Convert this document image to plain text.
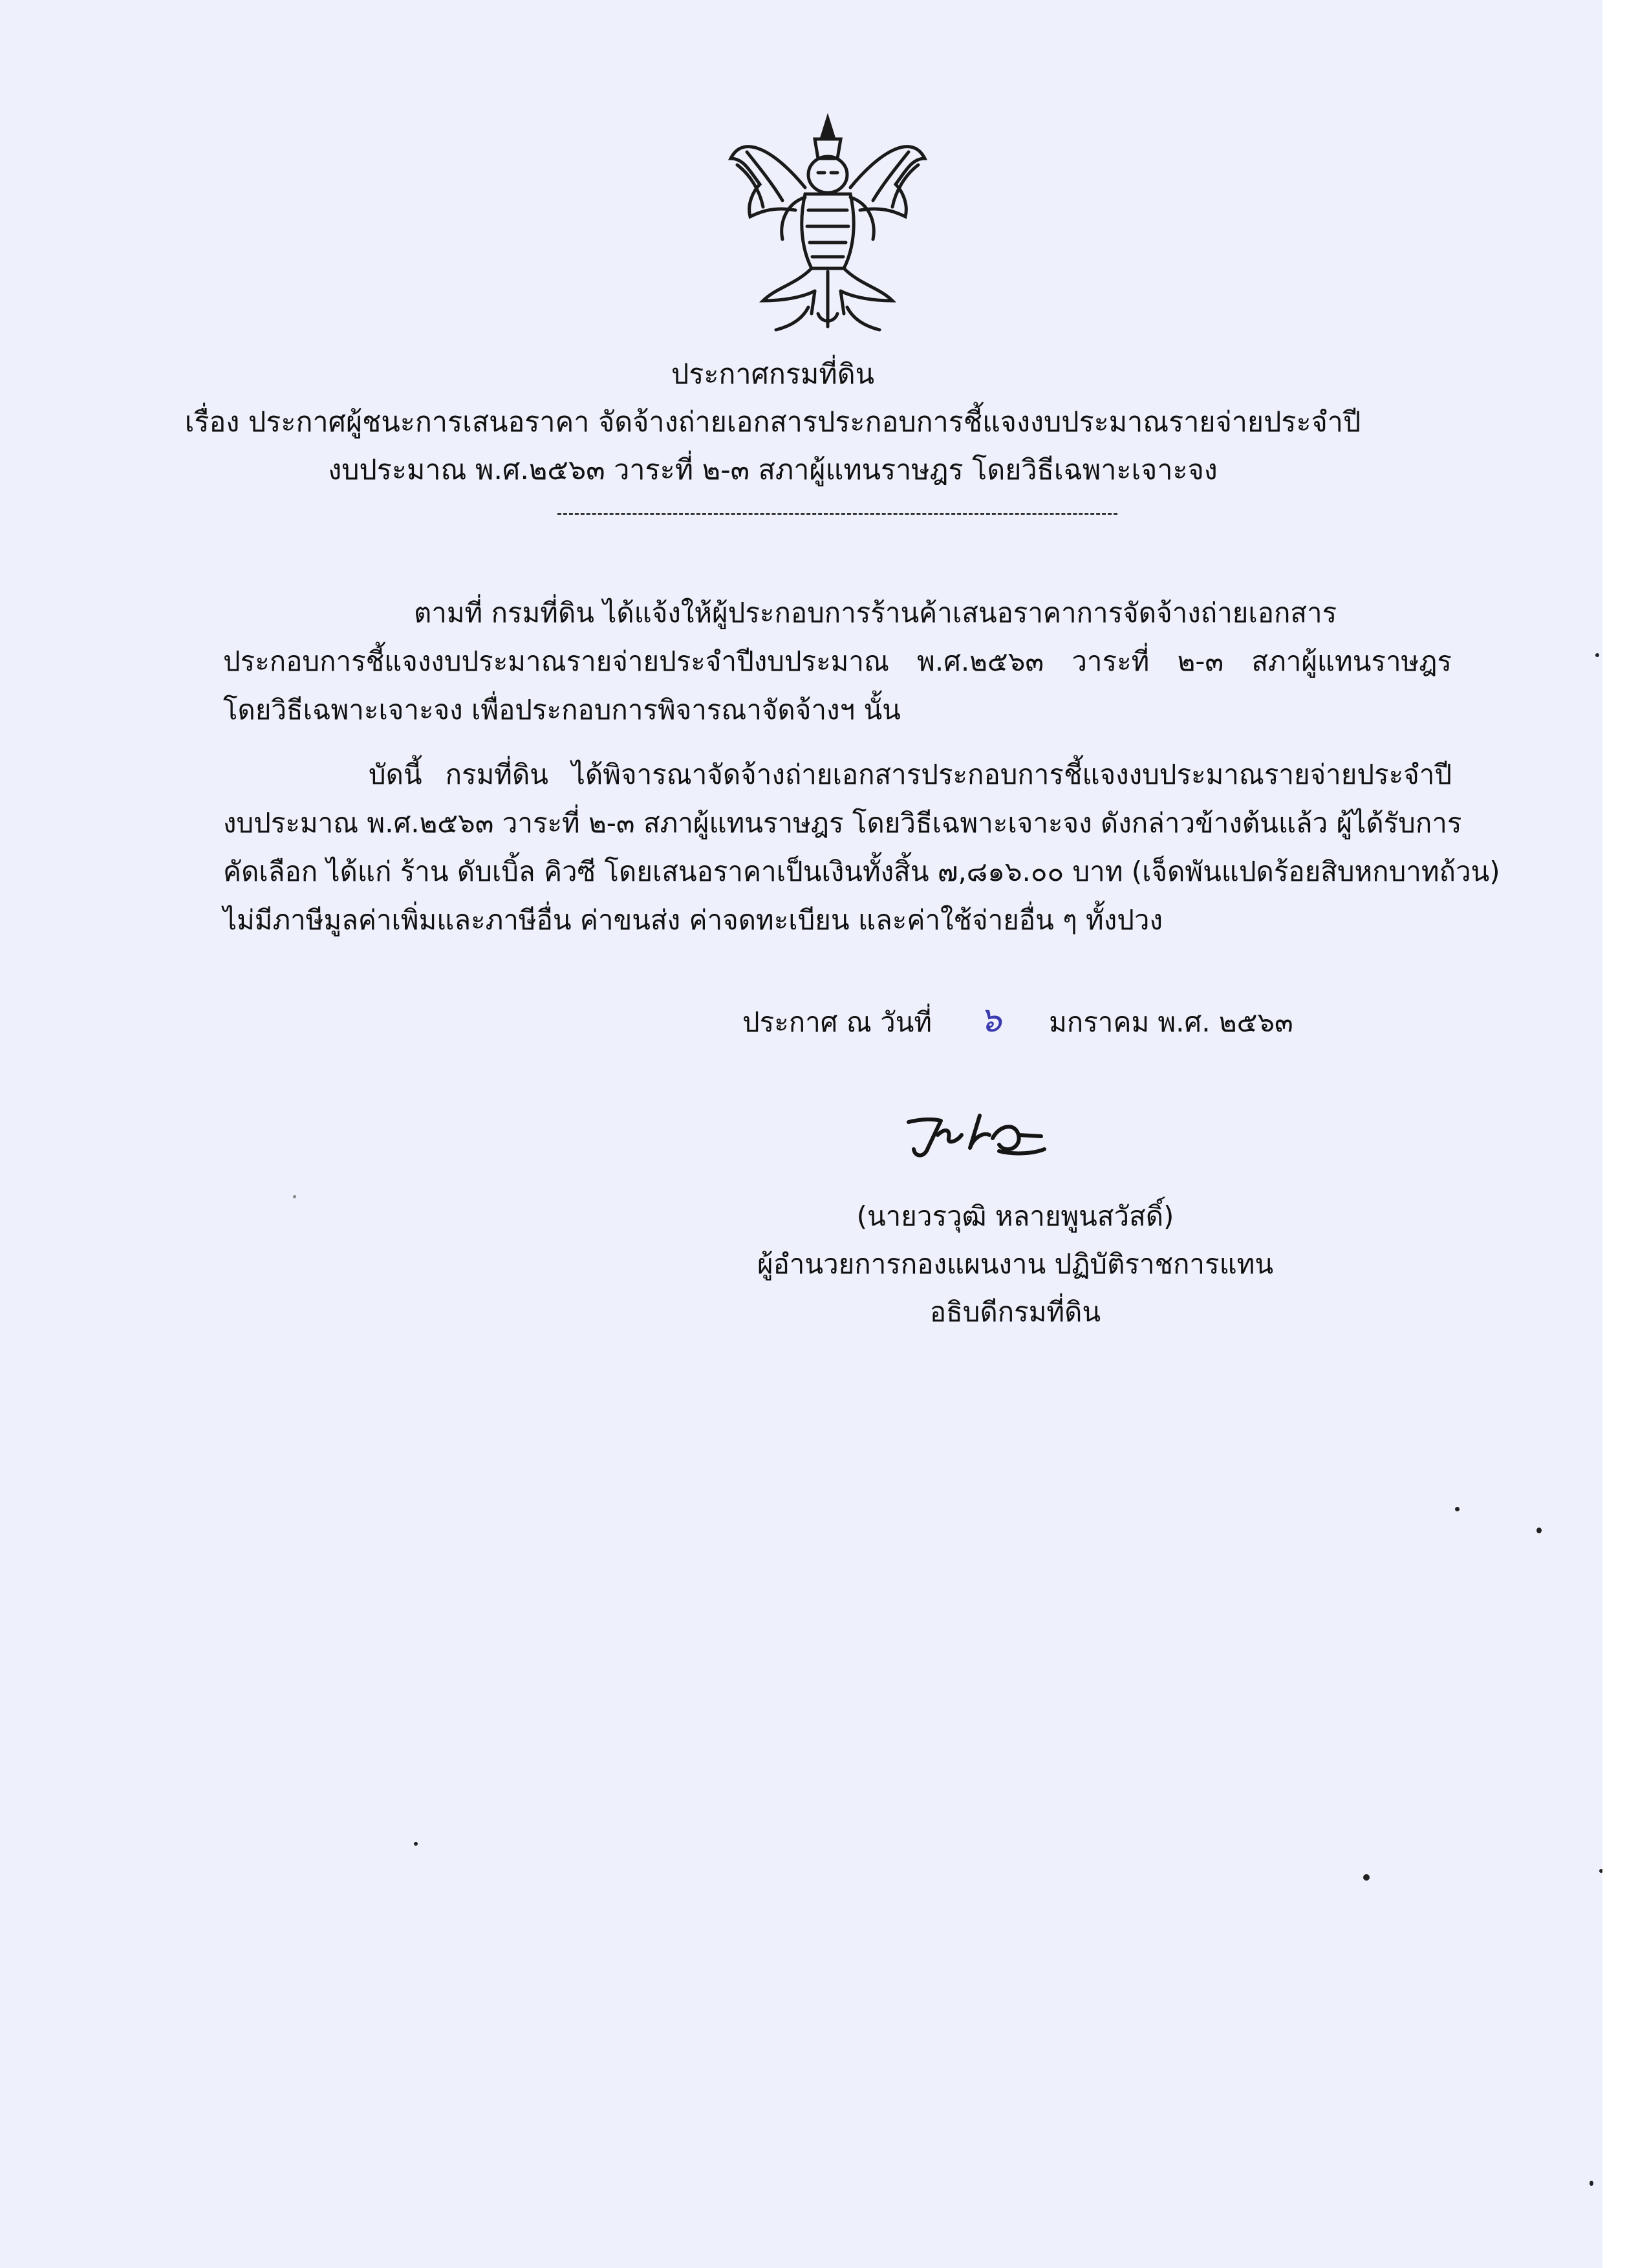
ประกาศกรมที่ดิน
เรื่อง ประกาศผู้ชนะการเสนอราคา จัดจ้างถ่ายเอกสารประกอบการชี้แจงงบประมาณรายจ่ายประจำปี
งบประมาณ พ.ศ.๒๕๖๓ วาระที่ ๒-๓ สภาผู้แทนราษฎร โดยวิธีเฉพาะเจาะจง
ตามที่ กรมที่ดิน ได้แจ้งให้ผู้ประกอบการร้านค้าเสนอราคาการจัดจ้างถ่ายเอกสาร
ประกอบการชี้แจงงบประมาณรายจ่ายประจำปีงบประมาณ พ.ศ.๒๕๖๓ วาระที่ ๒-๓ สภาผู้แทนราษฎร
โดยวิธีเฉพาะเจาะจง เพื่อประกอบการพิจารณาจัดจ้างฯ นั้น
บัดนี้ กรมที่ดิน ได้พิจารณาจัดจ้างถ่ายเอกสารประกอบการชี้แจงงบประมาณรายจ่ายประจำปี
งบประมาณ พ.ศ.๒๕๖๓ วาระที่ ๒-๓ สภาผู้แทนราษฎร โดยวิธีเฉพาะเจาะจง ดังกล่าวข้างต้นแล้ว ผู้ได้รับการ
คัดเลือก ได้แก่ ร้าน ดับเบิ้ล คิวซี โดยเสนอราคาเป็นเงินทั้งสิ้น ๗,๘๑๖.๐๐ บาท (เจ็ดพันแปดร้อยสิบหกบาทถ้วน)
ไม่มีภาษีมูลค่าเพิ่มและภาษีอื่น ค่าขนส่ง ค่าจดทะเบียน และค่าใช้จ่ายอื่น ๆ ทั้งปวง
ประกาศ ณ วันที่ ๖ มกราคม พ.ศ. ๒๕๖๓
(นายวรวุฒิ หลายพูนสวัสดิ์)
ผู้อำนวยการกองแผนงาน ปฏิบัติราชการแทน
อธิบดีกรมที่ดิน
